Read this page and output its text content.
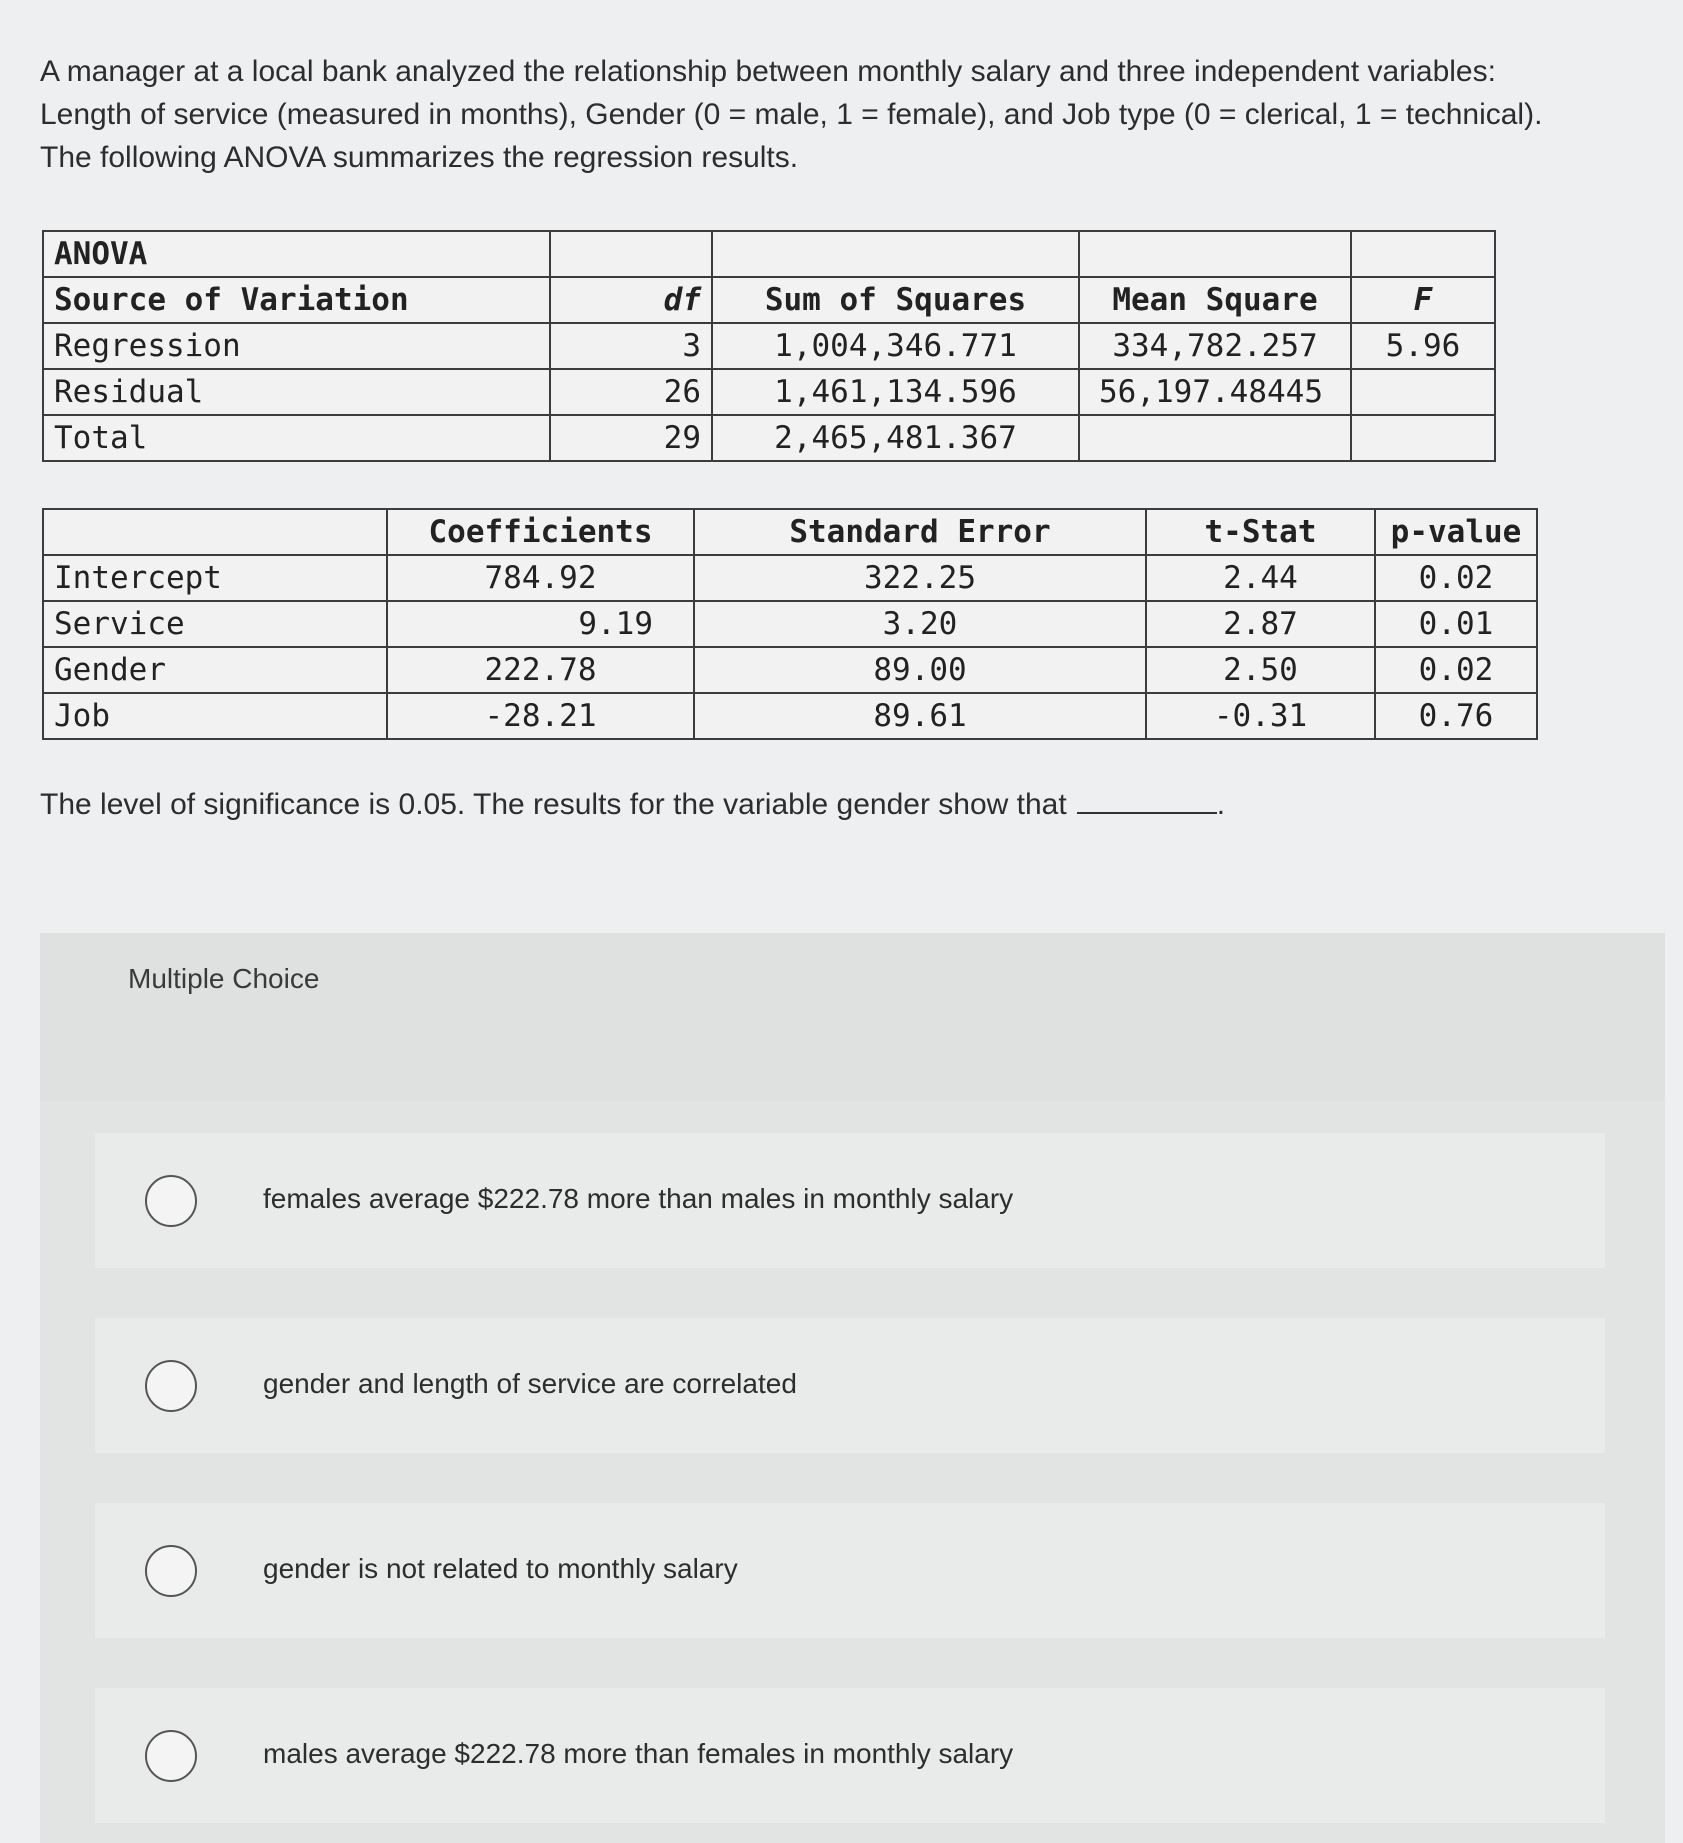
A manager at a local bank analyzed the relationship between monthly salary and three independent variables:

Length of service (measured in months), Gender (0 = male, 1 = female), and Job type (0 = clerical, 1 = technical).

The following ANOVA summarizes the regression results.

ANOVA				
Source of Variation	df	Sum of Squares	Mean Square	F
Regression	3	1,004,346.771	334,782.257	5.96
Residual	26	1,461,134.596	56,197.48445	
Total	29	2,465,481.367		
	Coefficients	Standard Error	t-Stat	p-value
Intercept	784.92	322.25	2.44	0.02
Service	9.19	3.20	2.87	0.01
Gender	222.78	89.00	2.50	0.02
Job	-28.21	89.61	-0.31	0.76
The level of significance is 0.05. The results for the variable gender show that	.
Multiple Choice
females average $222.78 more than males in monthly salary
gender and length of service are correlated
gender is not related to monthly salary
males average $222.78 more than females in monthly salary
